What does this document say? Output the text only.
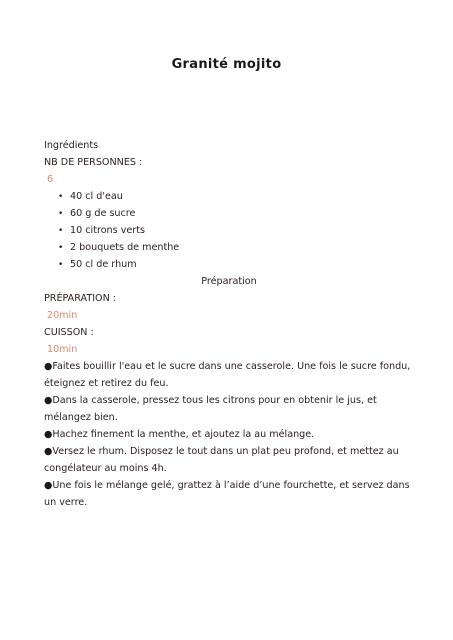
Granité mojito
Ingrédients
NB DE PERSONNES :
6
• 40 cl d'eau
• 60 g de sucre
• 10 citrons verts
• 2 bouquets de menthe
• 50 cl de rhum
Préparation
PRÉPARATION :
20min
CUISSON :
10min
●Faites bouillir l'eau et le sucre dans une casserole. Une fois le sucre fondu, éteignez et retirez du feu.
●Dans la casserole, pressez tous les citrons pour en obtenir le jus, et mélangez bien.
●Hachez finement la menthe, et ajoutez la au mélange.
●Versez le rhum. Disposez le tout dans un plat peu profond, et mettez au congélateur au moins 4h.
●Une fois le mélange gelé, grattez à l’aide d’une fourchette, et servez dans un verre.
